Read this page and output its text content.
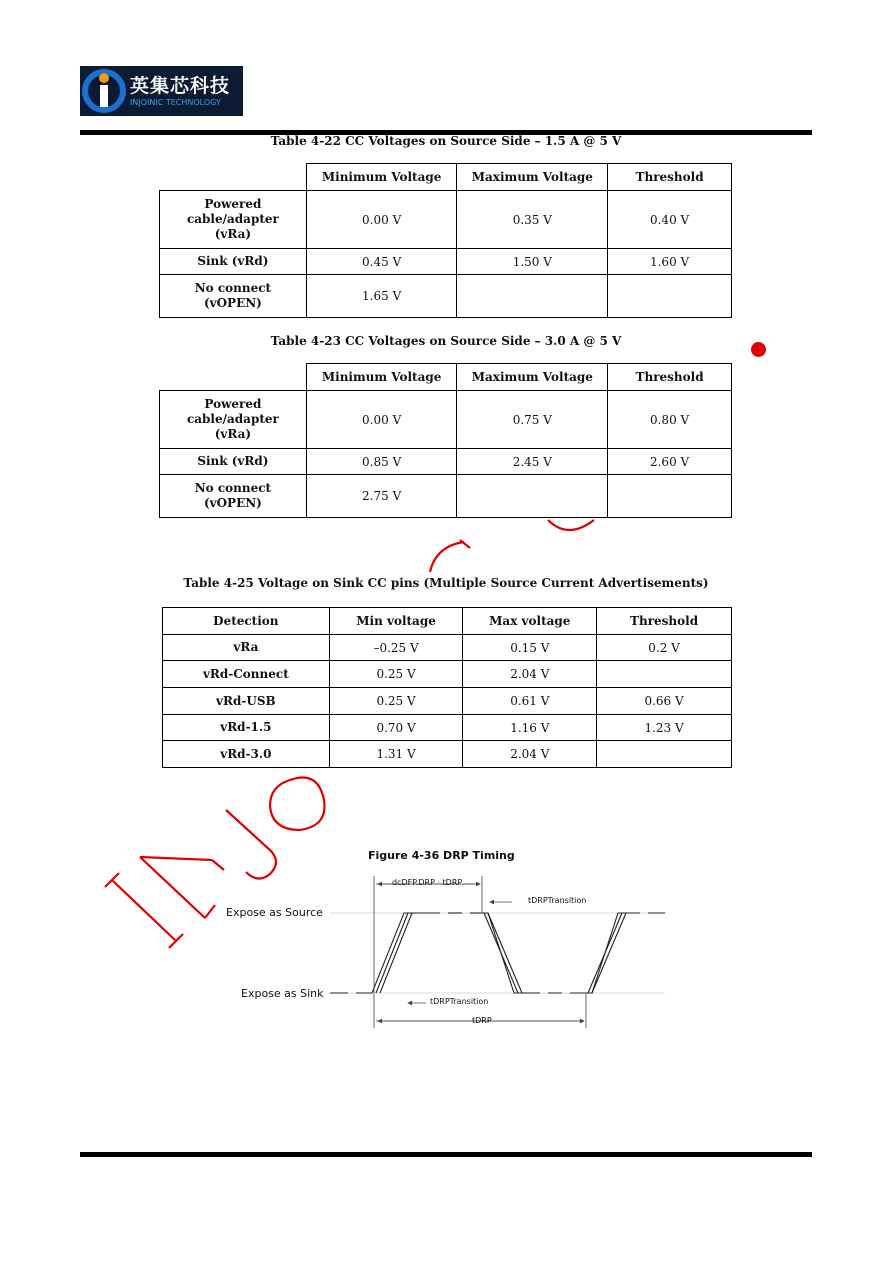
英集芯科技
INJOINIC TECHNOLOGY
Table 4-22 CC Voltages on Source Side – 1.5 A @ 5 V
	Minimum Voltage	Maximum Voltage	Threshold

Powered
cable/adapter
(vRa)	0.00 V	0.35 V	0.40 V

Sink (vRd)	0.45 V	1.50 V	1.60 V

No connect
(vOPEN)	1.65 V		
Table 4-23 CC Voltages on Source Side – 3.0 A @ 5 V
	Minimum Voltage	Maximum Voltage	Threshold

Powered
cable/adapter
(vRa)	0.00 V	0.75 V	0.80 V

Sink (vRd)	0.85 V	2.45 V	2.60 V

No connect
(vOPEN)	2.75 V		
Table 4-25 Voltage on Sink CC pins (Multiple Source Current Advertisements)
Detection	Min voltage	Max voltage	Threshold
vRa	–0.25 V	0.15 V	0.2 V
vRd-Connect	0.25 V	2.04 V	
vRd-USB	0.25 V	0.61 V	0.66 V
vRd-1.5	0.70 V	1.16 V	1.23 V
vRd-3.0	1.31 V	2.04 V	
Figure 4-36 DRP Timing
Expose as Source
Expose as Sink
dcDFP.DRP · tDRP
tDRPTransition
tDRPTransition
tDRP
